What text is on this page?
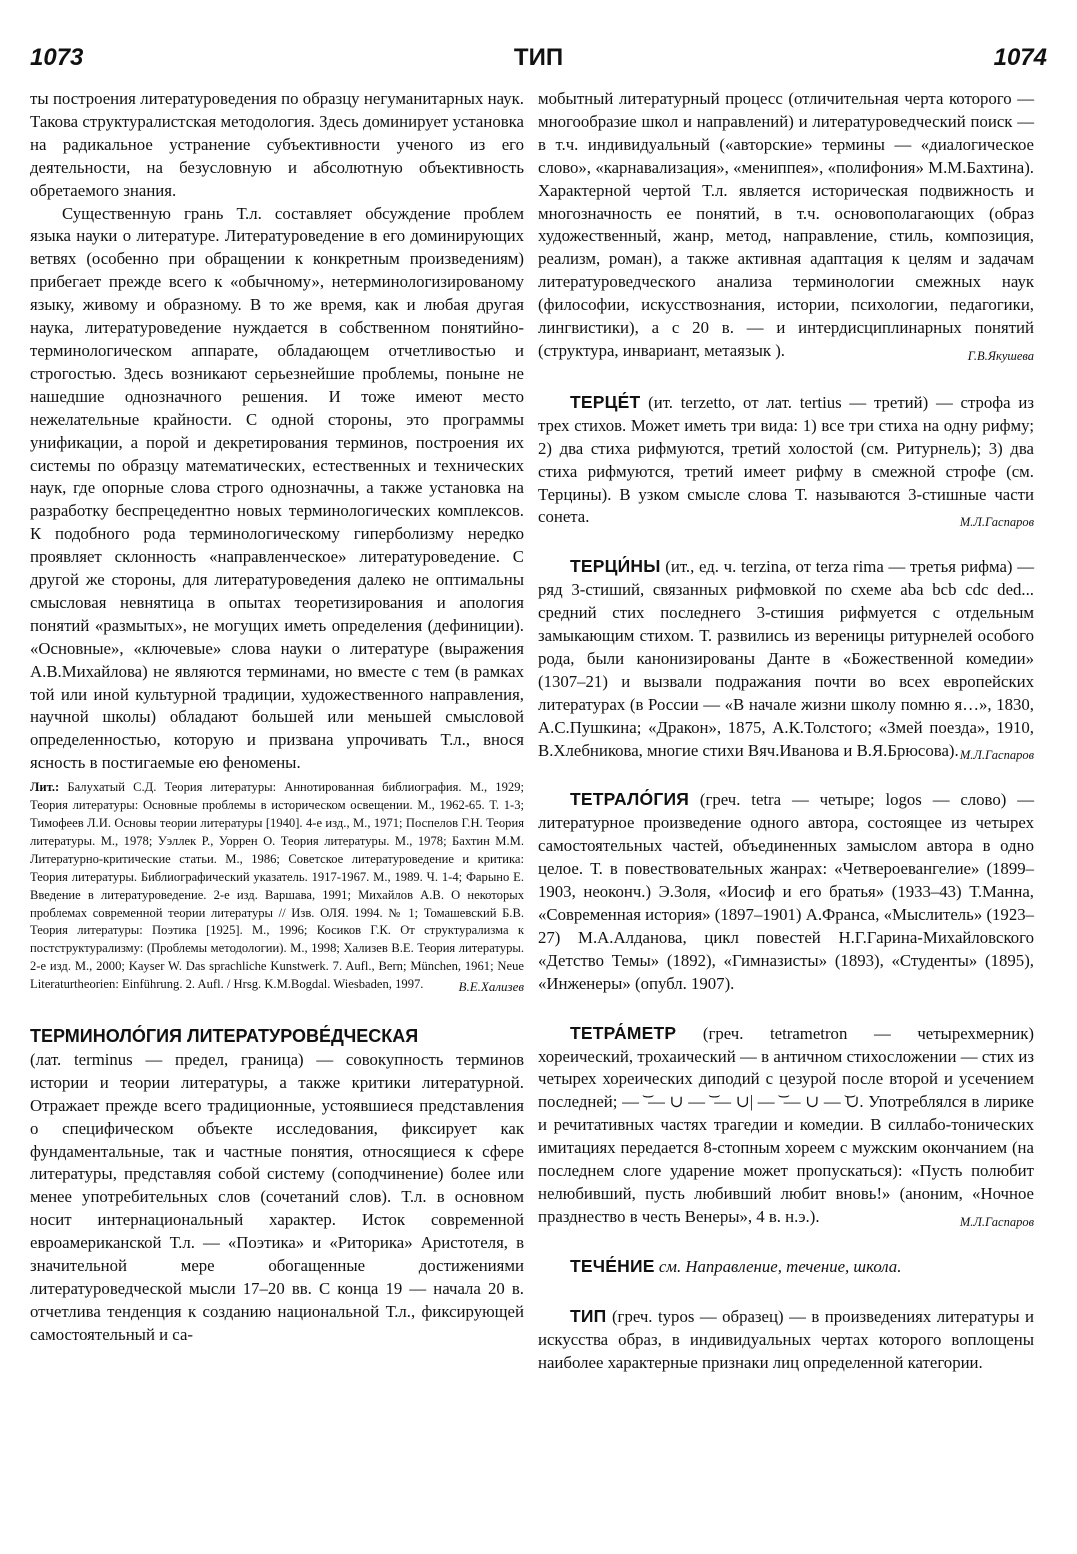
1073	ТИП	1074

ты построения литературоведения по образцу негуманитарных наук. Такова структуралистская методология. Здесь доминирует установка на радикальное устранение субъективности ученого из его деятельности, на безусловную и абсолютную объективность обретаемого знания.

Существенную грань Т.л. составляет обсуждение проблем языка науки о литературе. Литературоведение в его доминирующих ветвях (особенно при обращении к конкретным произведениям) прибегает прежде всего к «обычному», нетерминологизированому языку, живому и образному. В то же время, как и любая другая наука, литературоведение нуждается в собственном понятийно-терминологическом аппарате, обладающем отчетливостью и строгостью. Здесь возникают серьезнейшие проблемы, поныне не нашедшие однозначного решения. И тоже имеют место нежелательные крайности. С одной стороны, это программы унификации, а порой и декретирования терминов, построения их системы по образцу математических, естественных и технических наук, где опорные слова строго однозначны, а также установка на разработку беспрецедентно новых терминологических комплексов. К подобного рода терминологическому гиперболизму нередко проявляет склонность «направленческое» литературоведение. С другой же стороны, для литературоведения далеко не оптимальны смысловая невнятица в опытах теоретизирования и апология понятий «размытых», не могущих иметь определения (дефиниции). «Основные», «ключевые» слова науки о литературе (выражения А.В.Михайлова) не являются терминами, но вместе с тем (в рамках той или иной культурной традиции, художественного направления, научной школы) обладают большей или меньшей смысловой определенностью, которую и призвана упрочивать Т.л., внося ясность в постигаемые ею феномены.

Лит.: Балухатый С.Д. Теория литературы: Аннотированная библиография. М., 1929; Теория литературы: Основные проблемы в историческом освещении. М., 1962-65. Т. 1-3; Тимофеев Л.И. Основы теории литературы [1940]. 4-е изд., М., 1971; Поспелов Г.Н. Теория литературы. М., 1978; Уэллек Р., Уоррен О. Теория литературы. М., 1978; Бахтин М.М. Литературно-критические статьи. М., 1986; Советское литературоведение и критика: Теория литературы. Библиографический указатель. 1917-1967. М., 1989. Ч. 1-4; Фарыно Е. Введение в литературоведение. 2-е изд. Варшава, 1991; Михайлов А.В. О некоторых проблемах современной теории литературы // Изв. ОЛЯ. 1994. № 1; Томашевский Б.В. Теория литературы: Поэтика [1925]. М., 1996; Косиков Г.К. От структурализма к постструктурализму: (Проблемы методологии). М., 1998; Хализев В.Е. Теория литературы. 2-е изд. М., 2000; Kayser W. Das sprachliche Kunstwerk. 7. Aufl., Bern; München, 1961; Neue Literaturtheorien: Einführung. 2. Aufl. / Hrsg. K.M.Bogdal. Wiesbaden, 1997.	В.Е.Хализев

ТЕРМИНОЛО́ГИЯ ЛИТЕРАТУРОВЕ́ДЧЕСКАЯ

(лат. terminus — предел, граница) — совокупность терминов истории и теории литературы, а также критики литературной. Отражает прежде всего традиционные, устоявшиеся представления о специфическом объекте исследования, фиксирует как фундаментальные, так и частные понятия, относящиеся к сфере литературы, представляя собой систему (соподчинение) более или менее употребительных слов (сочетаний слов). Т.л. в основном носит интернациональный характер. Исток современной евроамериканской Т.л. — «Поэтика» и «Риторика» Аристотеля, в значительной мере обогащенные достижениями литературоведческой мысли 17–20 вв. С конца 19 — начала 20 в. отчетлива тенденция к созданию национальной Т.л., фиксирующей самостоятельный и са-

мобытный литературный процесс (отличительная черта которого — многообразие школ и направлений) и литературоведческий поиск — в т.ч. индивидуальный («авторские» термины — «диалогическое слово», «карнавализация», «мениппея», «полифония» М.М.Бахтина). Характерной чертой Т.л. является историческая подвижность и многозначность ее понятий, в т.ч. основополагающих (образ художественный, жанр, метод, направление, стиль, композиция, реализм, роман), а также активная адаптация к целям и задачам литературоведческого анализа терминологии смежных наук (философии, искусствознания, истории, психологии, педагогики, лингвистики), а с 20 в. — и интердисциплинарных понятий (структура, инвариант, метаязык ).	Г.В.Якушева

ТЕРЦЕ́Т (ит. terzetto, от лат. tertius — третий) — строфа из трех стихов. Может иметь три вида: 1) все три стиха на одну рифму; 2) два стиха рифмуются, третий холостой (см. Ритурнель); 3) два стиха рифмуются, третий имеет рифму в смежной строфе (см. Терцины). В узком смысле слова Т. называются 3-стишные части сонета.	М.Л.Гаспаров

ТЕРЦИ́НЫ (ит., ед. ч. terzina, от terza rima — третья рифма) — ряд 3-стиший, связанных рифмовкой по схеме aba bcb cdc ded... средний стих последнего 3-стишия рифмуется с отдельным замыкающим стихом. Т. развились из вереницы ритурнелей особого рода, были канонизированы Данте в «Божественной комедии» (1307–21) и вызвали подражания почти во всех европейских литературах (в России — «В начале жизни школу помню я…», 1830, А.С.Пушкина; «Дракон», 1875, А.К.Толстого; «Змей поезда», 1910, В.Хлебникова, многие стихи Вяч.Иванова и В.Я.Брюсова). М.Л.Гаспаров

ТЕТРАЛО́ГИЯ (греч. tetra — четыре; logos — слово) — литературное произведение одного автора, состоящее из четырех самостоятельных частей, объединенных замыслом автора в одно целое. Т. в повествовательных жанрах: «Четвероевангелие» (1899–1903, неоконч.) Э.Золя, «Иосиф и его братья» (1933–43) Т.Манна, «Современная история» (1897–1901) А.Франса, «Мыслитель» (1923–27) М.А.Алданова, цикл повестей Н.Г.Гарина-Михайловского «Детство Темы» (1892), «Гимназисты» (1893), «Студенты» (1895), «Инженеры» (опубл. 1907).

ТЕТРА́МЕТР (греч. tetrametron — четырехмерник) хореический, трохаический — в античном стихосложении — стих из четырех хореических диподий с цезурой после второй и усечением последней; — ͝ — ∪ — ͝ — ∪| — ͝ — ∪ — ͝∪. Употреблялся в лирике и речитативных частях трагедии и комедии. В силлабо-тонических имитациях передается 8-стопным хореем с мужским окончанием (на последнем слоге ударение может пропускаться): «Пусть полюбит нелюбивший, пусть любивший любит вновь!» (аноним, «Ночное празднество в честь Венеры», 4 в. н.э.).	М.Л.Гаспаров

ТЕЧЕ́НИЕ см. Направление, течение, школа.

ТИП (греч. typos — образец) — в произведениях литературы и искусства образ, в индивидуальных чертах которого воплощены наиболее характерные признаки лиц определенной категории.
